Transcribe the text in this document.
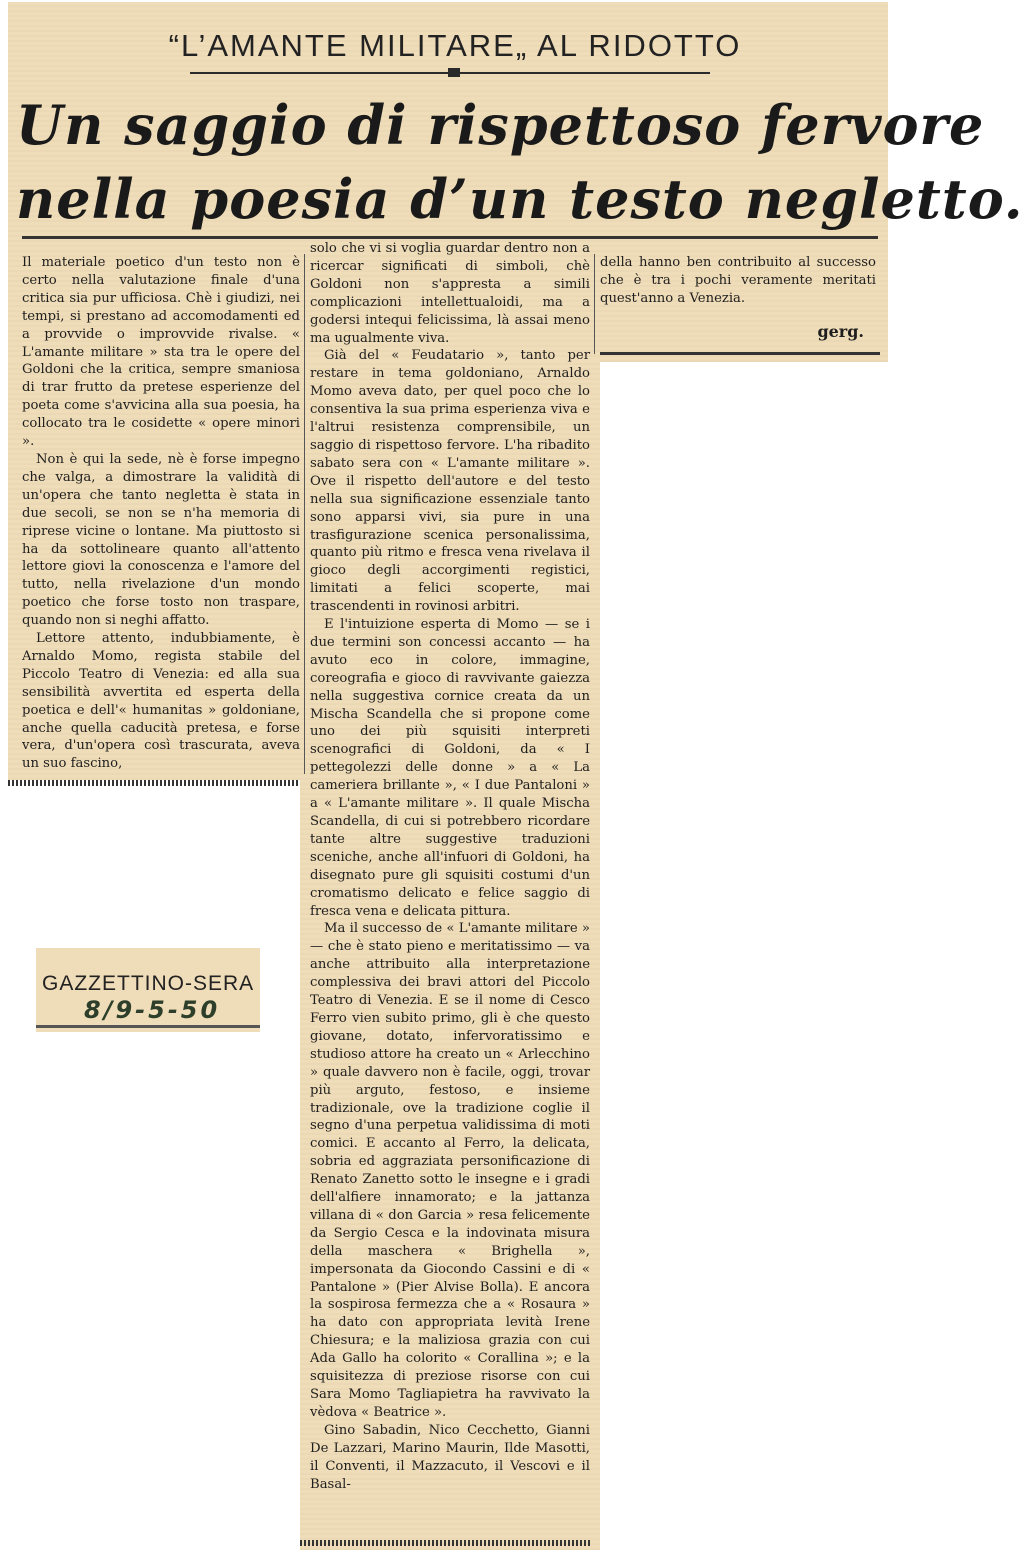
“L’AMANTE MILITARE„ AL RIDOTTO
Un saggio di rispettoso fervore
nella poesia d’un testo negletto.

Il materiale poetico d'un testo non è certo nella valutazione finale d'una critica sia pur ufficiosa. Chè i giudizi, nei tempi, si prestano ad accomodamenti ed a provvide o improvvide rivalse. « L'amante militare » sta tra le opere del Goldoni che la critica, sempre smaniosa di trar frutto da pretese esperienze del poeta come s'avvicina alla sua poesia, ha collocato tra le cosidette « opere minori ».

Non è qui la sede, nè è forse impegno che valga, a dimostrare la validità di un'opera che tanto negletta è stata in due secoli, se non se n'ha memoria di riprese vicine o lontane. Ma piuttosto si ha da sottolineare quanto all'attento lettore giovi la conoscenza e l'amore del tutto, nella rivelazione d'un mondo poetico che forse tosto non traspare, quando non si neghi affatto.

Lettore attento, indubbiamente, è Arnaldo Momo, regista stabile del Piccolo Teatro di Venezia: ed alla sua sensibilità avvertita ed esperta della poetica e dell'« humanitas » goldoniane, anche quella caducità pretesa, e forse vera, d'un'opera così trascurata, aveva un suo fascino,

solo che vi si voglia guardar dentro non a ricercar significati di simboli, chè Goldoni non s'appresta a simili complicazioni intellettualoidi, ma a godersi intequi felicissima, là assai meno ma ugualmente viva.

Già del « Feudatario », tanto per restare in tema goldoniano, Arnaldo Momo aveva dato, per quel poco che lo consentiva la sua prima esperienza viva e l'altrui resistenza comprensibile, un saggio di rispettoso fervore. L'ha ribadito sabato sera con « L'amante militare ». Ove il rispetto dell'autore e del testo nella sua significazione essenziale tanto sono apparsi vivi, sia pure in una trasfigurazione scenica personalissima, quanto più ritmo e fresca vena rivelava il gioco degli accorgimenti registici, limitati a felici scoperte, mai trascendenti in rovinosi arbitri.

E l'intuizione esperta di Momo — se i due termini son concessi accanto — ha avuto eco in colore, immagine, coreografia e gioco di ravvivante gaiezza nella suggestiva cornice creata da un Mischa Scandella che si propone come uno dei più squisiti interpreti scenografici di Goldoni, da « I pettegolezzi delle donne » a « La cameriera brillante », « I due Pantaloni » a « L'amante militare ». Il quale Mischa Scandella, di cui si potrebbero ricordare tante altre suggestive traduzioni sceniche, anche all'infuori di Goldoni, ha disegnato pure gli squisiti costumi d'un cromatismo delicato e felice saggio di fresca vena e delicata pittura.

Ma il successo de « L'amante militare » — che è stato pieno e meritatissimo — va anche attribuito alla interpretazione complessiva dei bravi attori del Piccolo Teatro di Venezia. E se il nome di Cesco Ferro vien subito primo, gli è che questo giovane, dotato, infervoratissimo e studioso attore ha creato un « Arlecchino » quale davvero non è facile, oggi, trovar più arguto, festoso, e insieme tradizionale, ove la tradizione coglie il segno d'una perpetua validissima di moti comici. E accanto al Ferro, la delicata, sobria ed aggraziata personificazione di Renato Zanetto sotto le insegne e i gradi dell'alfiere innamorato; e la jattanza villana di « don Garcia » resa felicemente da Sergio Cesca e la indovinata misura della maschera « Brighella », impersonata da Giocondo Cassini e di « Pantalone » (Pier Alvise Bolla). E ancora la sospirosa fermezza che a « Rosaura » ha dato con appropriata levità Irene Chiesura; e la maliziosa grazia con cui Ada Gallo ha colorito « Corallina »; e la squisitezza di preziose risorse con cui Sara Momo Tagliapietra ha ravvivato la vèdova « Beatrice ».

Gino Sabadin, Nico Cecchetto, Gianni De Lazzari, Marino Maurin, Ilde Masotti, il Conventi, il Mazzacuto, il Vescovi e il Basal-

della hanno ben contribuito al successo che è tra i pochi veramente meritati quest'anno a Venezia.

gerg.
GAZZETTINO-SERA
8/9-5-50
